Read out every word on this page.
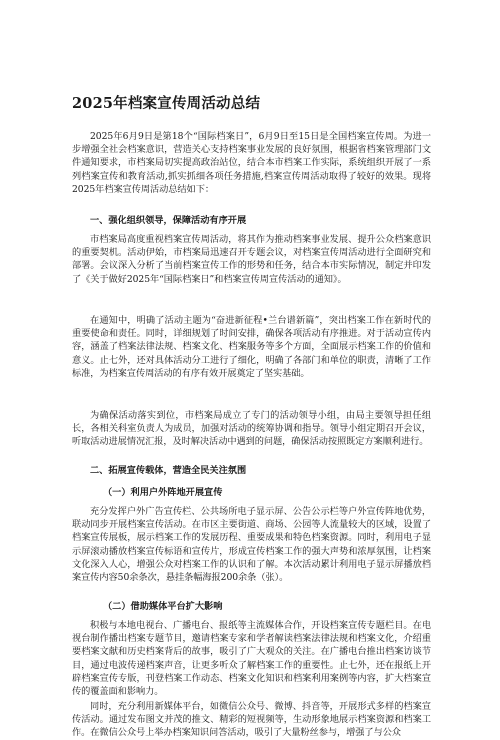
2025年档案宣传周活动总结

2025年6月9日是第18个“国际档案日”，6月9日至15日是全国档案宣传周。为进一步增强全社会档案意识，营造关心支持档案事业发展的良好氛围，根据省档案管理部门文件通知要求，市档案局切实提高政治站位，结合本市档案工作实际，系统组织开展了一系列档案宣传和教育活动,抓实抓细各项任务措施,档案宣传周活动取得了较好的效果。现将2025年档案宣传周活动总结如下：

一、强化组织领导，保障活动有序开展

市档案局高度重视档案宣传周活动，将其作为推动档案事业发展、提升公众档案意识的重要契机。活动伊始，市档案局迅速召开专题会议，对档案宣传周活动进行全面研究和部署。会议深入分析了当前档案宣传工作的形势和任务，结合本市实际情况，制定并印发了《关于做好2025年“国际档案日”和档案宣传周宣传活动的通知》。

在通知中，明确了活动主题为“奋进新征程•兰台谱新篇”，突出档案工作在新时代的重要使命和责任。同时，详细规划了时间安排，确保各项活动有序推进。对于活动宣传内容，涵盖了档案法律法规、档案文化、档案服务等多个方面，全面展示档案工作的价值和意义。止七外，还对具体活动分工进行了细化，明确了各部门和单位的职责，清晰了工作标准，为档案宣传周活动的有序有效开展奠定了坚实基础。

为确保活动落实到位，市档案局成立了专门的活动领导小组，由局主要领导担任组长，各相关科室负责人为成员，加强对活动的统筹协调和指导。领导小组定期召开会议，听取活动进展情况汇报，及时解决活动中遇到的问题，确保活动按照既定方案顺利进行。

二、拓展宣传载体，营造全民关注氛围
（一）利用户外阵地开展宣传

充分发挥户外广告宣传栏、公共场所电子显示屏、公告公示栏等户外宣传阵地优势，联动同步开展档案宣传活动。在市区主要街道、商场、公园等人流量较大的区域，设置了档案宣传展板，展示档案工作的发展历程、重要成果和特色档案资源。同时，利用电子显示屏滚动播放档案宣传标语和宣传片，形成宣传档案工作的强大声势和浓厚氛围，让档案文化深入人心，增强公众对档案工作的认识和了解。本次活动累计利用电子显示屏播放档案宣传内容50余条次，悬挂条幅海报200余条（张）。

（二）借助媒体平台扩大影响

积极与本地电视台、广播电台、报纸等主流媒体合作，开设档案宣传专题栏目。在电视台制作播出档案专题节目，邀请档案专家和学者解读档案法律法规和档案文化，介绍重要档案文献和历史档案背后的故事，吸引了广大观众的关注。在广播电台推出档案访谈节目，通过电波传递档案声音，让更多听众了解档案工作的重要性。止七外，还在报纸上开辟档案宣传专版，刊登档案工作动态、档案文化知识和档案利用案例等内容，扩大档案宣传的覆盖面和影响力。

同时，充分利用新媒体平台，如微信公众号、微博、抖音等，开展形式多样的档案宣传活动。通过发布图文并茂的推文、精彩的短视频等，生动形象地展示档案资源和档案工作。在微信公众号上举办档案知识问答活动，吸引了大量粉丝参与，增强了与公众
